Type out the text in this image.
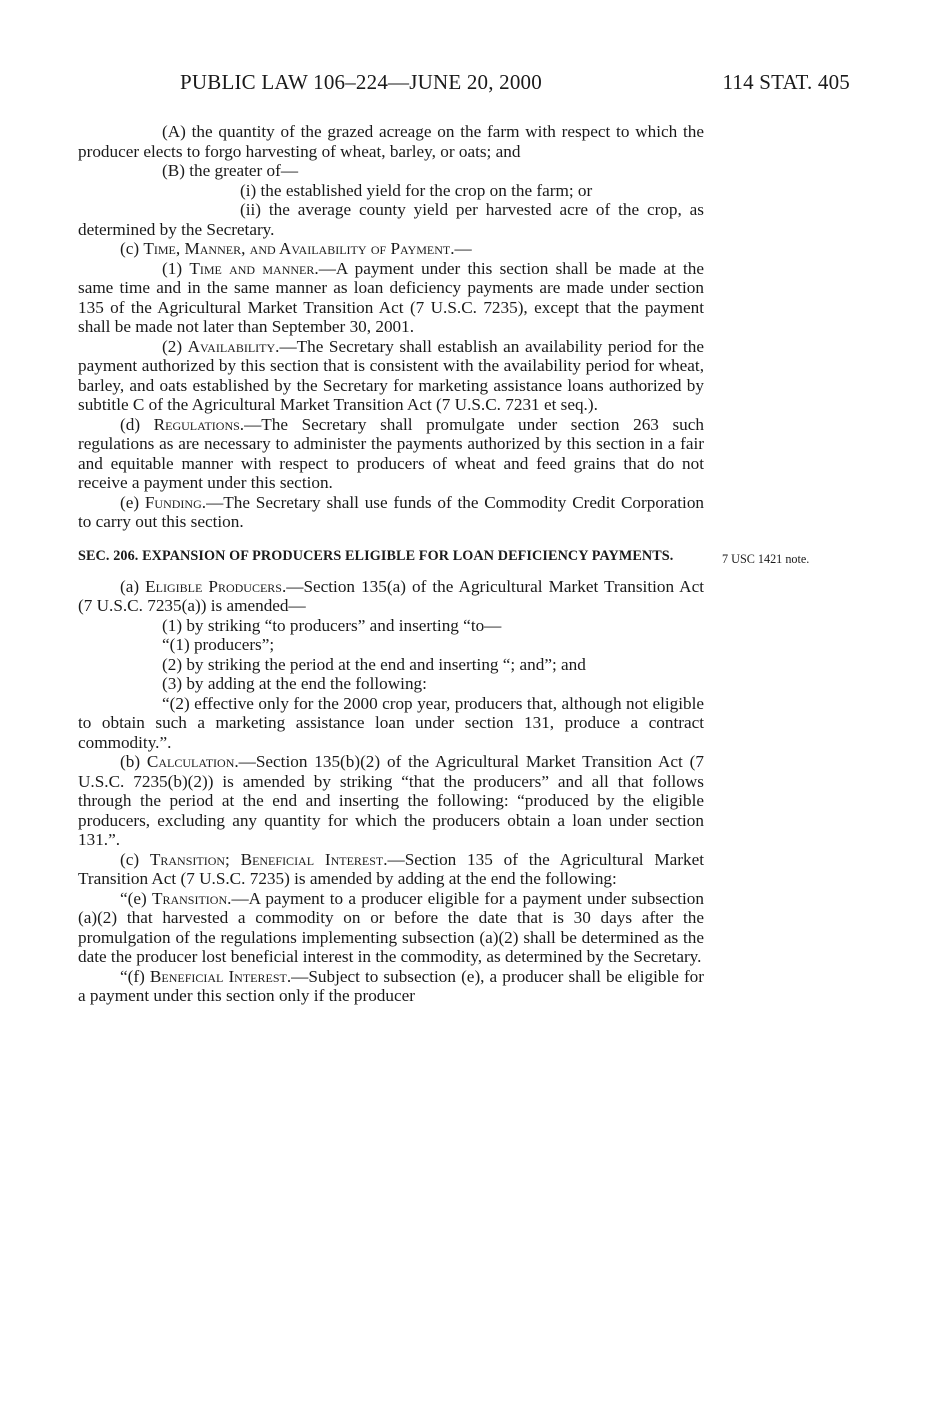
PUBLIC LAW 106–224—JUNE 20, 2000	114 STAT. 405

(A) the quantity of the grazed acreage on the farm with respect to which the producer elects to forgo harvesting of wheat, barley, or oats; and

(B) the greater of—

(i) the established yield for the crop on the farm; or

(ii) the average county yield per harvested acre of the crop, as determined by the Secretary.

(c) Time, Manner, and Availability of Payment.—

(1) Time and manner.—A payment under this section shall be made at the same time and in the same manner as loan deficiency payments are made under section 135 of the Agricultural Market Transition Act (7 U.S.C. 7235), except that the payment shall be made not later than September 30, 2001.

(2) Availability.—The Secretary shall establish an availability period for the payment authorized by this section that is consistent with the availability period for wheat, barley, and oats established by the Secretary for marketing assistance loans authorized by subtitle C of the Agricultural Market Transition Act (7 U.S.C. 7231 et seq.).

(d) Regulations.—The Secretary shall promulgate under section 263 such regulations as are necessary to administer the payments authorized by this section in a fair and equitable manner with respect to producers of wheat and feed grains that do not receive a payment under this section.

(e) Funding.—The Secretary shall use funds of the Commodity Credit Corporation to carry out this section.

SEC. 206. EXPANSION OF PRODUCERS ELIGIBLE FOR LOAN DEFICIENCY PAYMENTS.	7 USC 1421 note.

(a) Eligible Producers.—Section 135(a) of the Agricultural Market Transition Act (7 U.S.C. 7235(a)) is amended—

(1) by striking “to producers” and inserting “to—

“(1) producers”;

(2) by striking the period at the end and inserting “; and”; and

(3) by adding at the end the following:

“(2) effective only for the 2000 crop year, producers that, although not eligible to obtain such a marketing assistance loan under section 131, produce a contract commodity.”.

(b) Calculation.—Section 135(b)(2) of the Agricultural Market Transition Act (7 U.S.C. 7235(b)(2)) is amended by striking “that the producers” and all that follows through the period at the end and inserting the following: “produced by the eligible producers, excluding any quantity for which the producers obtain a loan under section 131.”.

(c) Transition; Beneficial Interest.—Section 135 of the Agricultural Market Transition Act (7 U.S.C. 7235) is amended by adding at the end the following:

“(e) Transition.—A payment to a producer eligible for a payment under subsection (a)(2) that harvested a commodity on or before the date that is 30 days after the promulgation of the regulations implementing subsection (a)(2) shall be determined as the date the producer lost beneficial interest in the commodity, as determined by the Secretary.

“(f) Beneficial Interest.—Subject to subsection (e), a producer shall be eligible for a payment under this section only if the producer
